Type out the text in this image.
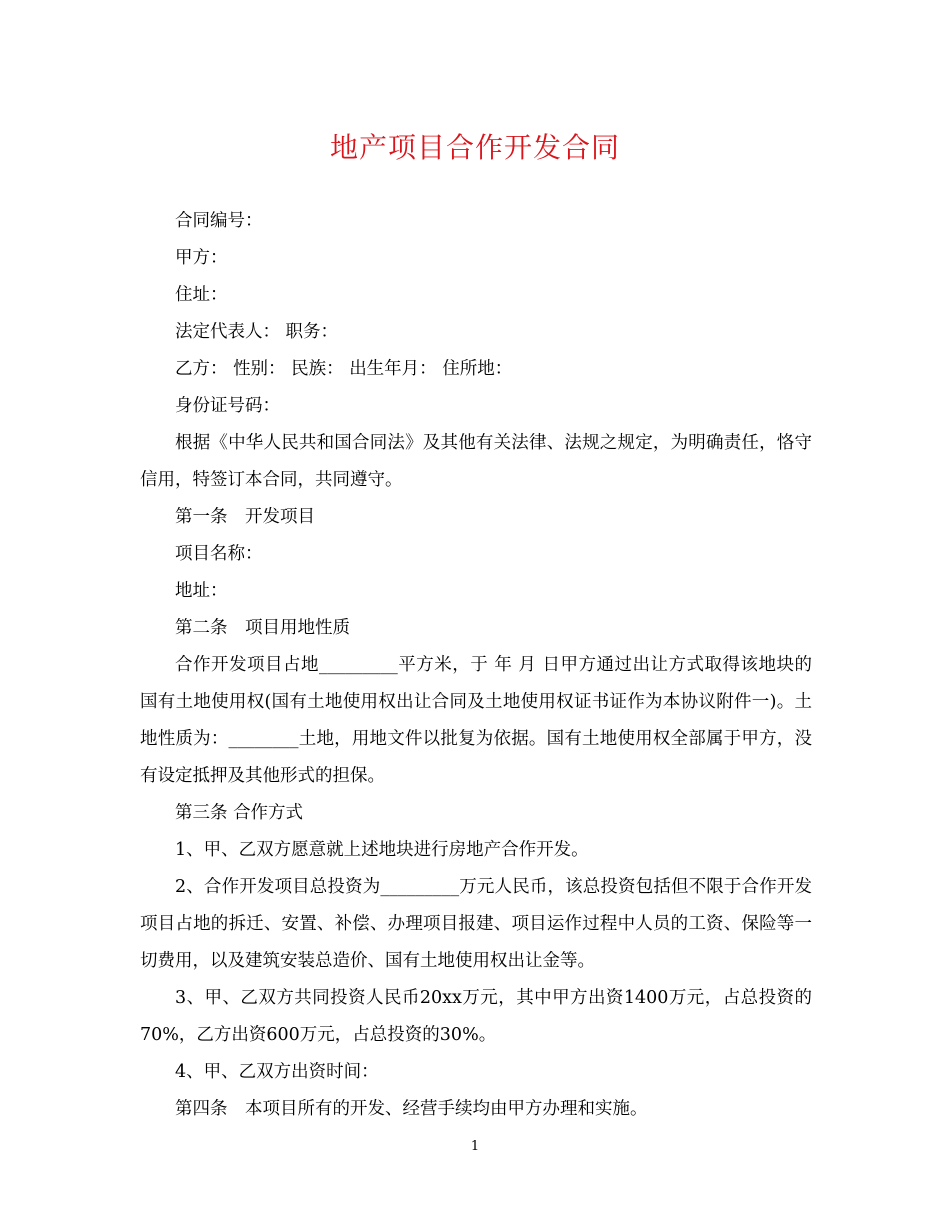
地产项目合作开发合同

合同编号：

甲方：

住址：

法定代表人： 职务：

乙方： 性别： 民族： 出生年月： 住所地：

身份证号码：

根据《中华人民共和国合同法》及其他有关法律、法规之规定，为明确责任，恪守信用，特签订本合同，共同遵守。

第一条　开发项目

项目名称：

地址：

第二条　项目用地性质

合作开发项目占地_________平方米，于 年 月 日甲方通过出让方式取得该地块的国有土地使用权(国有土地使用权出让合同及土地使用权证书证作为本协议附件一)。土地性质为：________土地，用地文件以批复为依据。国有土地使用权全部属于甲方，没有设定抵押及其他形式的担保。

第三条 合作方式

1、甲、乙双方愿意就上述地块进行房地产合作开发。

2、合作开发项目总投资为_________万元人民币，该总投资包括但不限于合作开发项目占地的拆迁、安置、补偿、办理项目报建、项目运作过程中人员的工资、保险等一切费用，以及建筑安装总造价、国有土地使用权出让金等。

3、甲、乙双方共同投资人民币20xx万元，其中甲方出资1400万元，占总投资的70%，乙方出资600万元，占总投资的30%。

4、甲、乙双方出资时间：

第四条　本项目所有的开发、经营手续均由甲方办理和实施。

1
